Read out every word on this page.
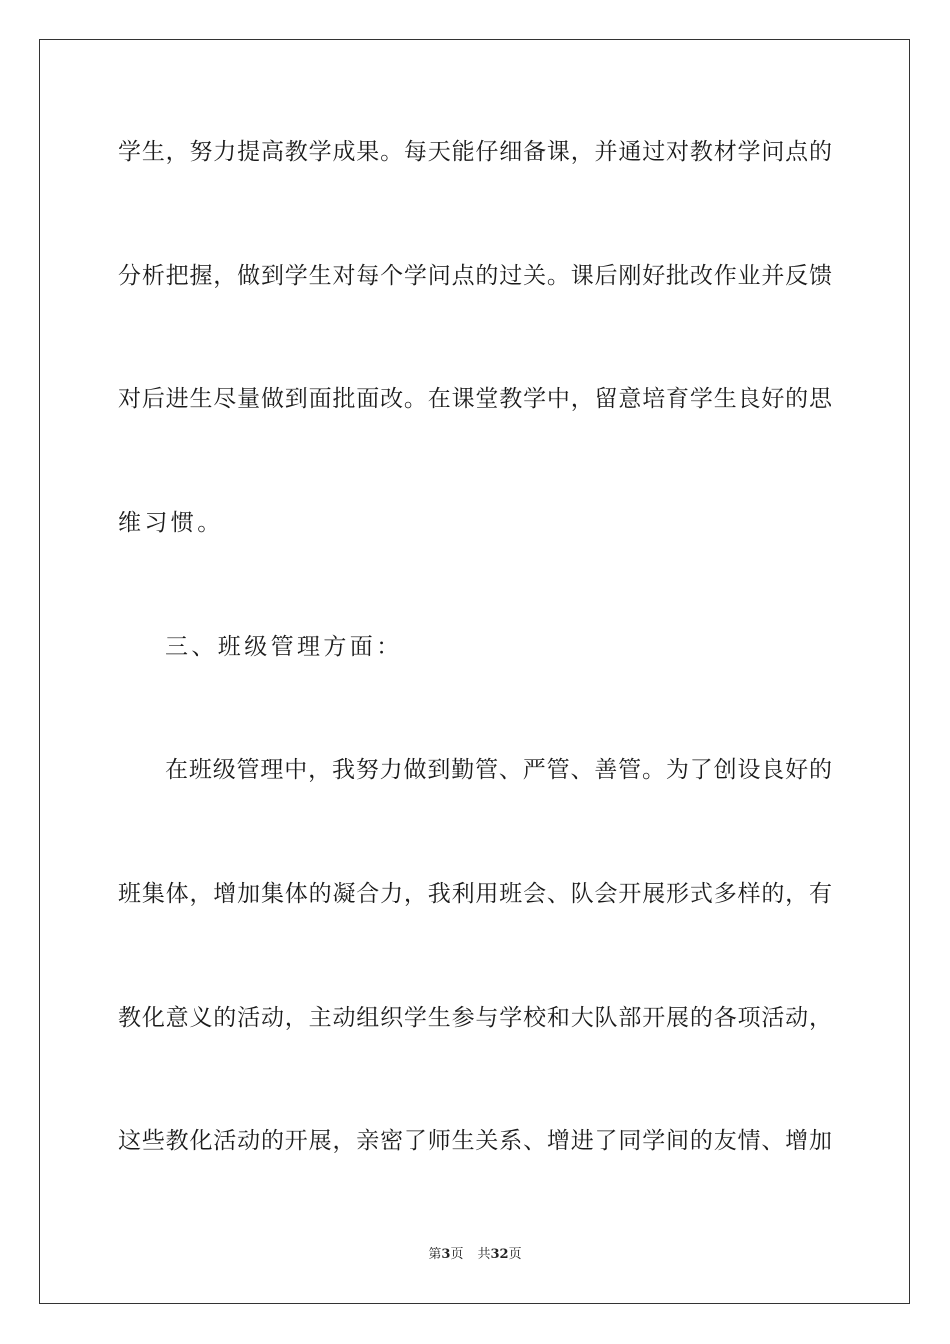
学生，努力提高教学成果。每天能仔细备课，并通过对教材学问点的
分析把握，做到学生对每个学问点的过关。课后刚好批改作业并反馈
对后进生尽量做到面批面改。在课堂教学中，留意培育学生良好的思
维习惯。
三、班级管理方面：
在班级管理中，我努力做到勤管、严管、善管。为了创设良好的
班集体，增加集体的凝合力，我利用班会、队会开展形式多样的，有
教化意义的活动，主动组织学生参与学校和大队部开展的各项活动，
这些教化活动的开展，亲密了师生关系、增进了同学间的友情、增加
第3页 共32页
